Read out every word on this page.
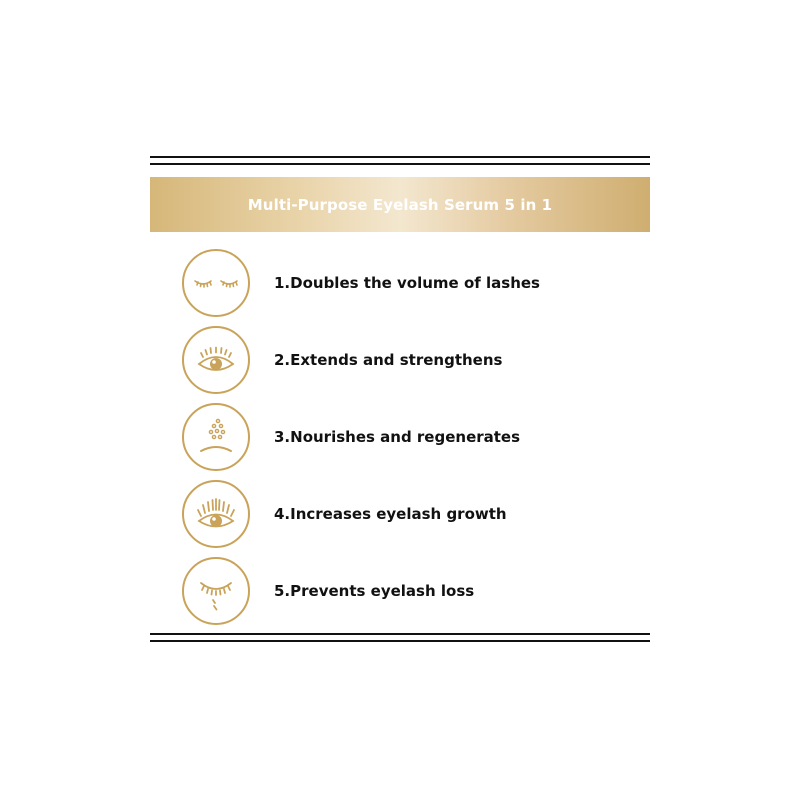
Multi-Purpose Eyelash Serum 5 in 1
1.Doubles the volume of lashes
2.Extends and strengthens
3.Nourishes and regenerates
4.Increases eyelash growth
5.Prevents eyelash loss
